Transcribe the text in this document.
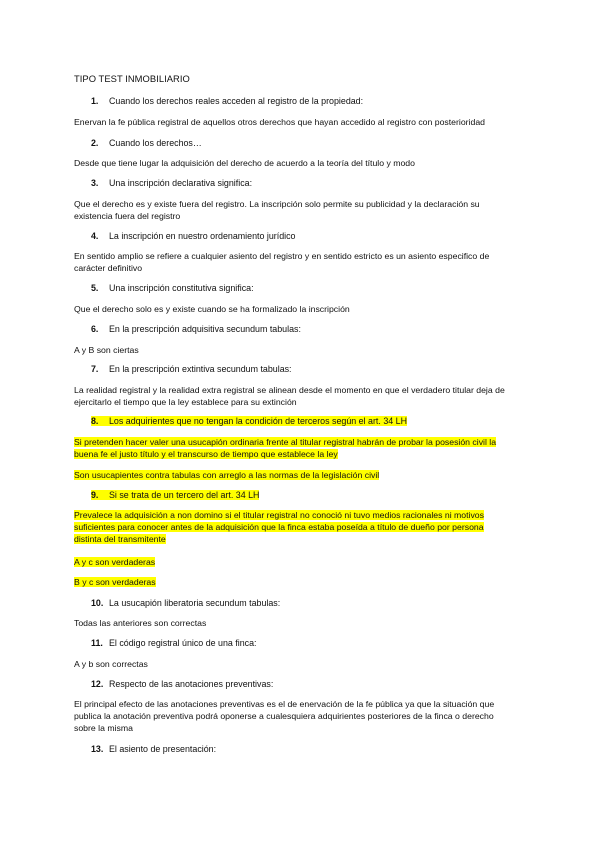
TIPO TEST INMOBILIARIO
1. Cuando los derechos reales acceden al registro de la propiedad:
Enervan la fe pública registral de aquellos otros derechos que hayan accedido al registro con posterioridad
2. Cuando los derechos…
Desde que tiene lugar la adquisición del derecho de acuerdo a la teoría del título y modo
3. Una inscripción declarativa significa:
Que el derecho es y existe fuera del registro. La inscripción solo permite su publicidad y la declaración su existencia fuera del registro
4. La inscripción en nuestro ordenamiento jurídico
En sentido amplio se refiere a cualquier asiento del registro y en sentido estricto es un asiento especifico de carácter definitivo
5. Una inscripción constitutiva significa:
Que el derecho solo es y existe cuando se ha formalizado la inscripción
6. En la prescripción adquisitiva secundum tabulas:
A y B son ciertas
7. En la prescripción extintiva secundum tabulas:
La realidad registral y la realidad extra registral se alinean desde el momento en que el verdadero titular deja de ejercitarlo el tiempo que la ley establece para su extinción
8. Los adquirientes que no tengan la condición de terceros según el art. 34 LH
Si pretenden hacer valer una usucapión ordinaria frente al titular registral habrán de probar la posesión civil la buena fe el justo título y el transcurso de tiempo que establece la ley
Son usucapientes contra tabulas con arreglo a las normas de la legislación civil
9. Si se trata de un tercero del art. 34 LH
Prevalece la adquisición a non domino si el titular registral no conoció ni tuvo medios racionales ni motivos suficientes para conocer antes de la adquisición que la finca estaba poseída a título de dueño por persona distinta del transmitente
A y c son verdaderas
B y c son verdaderas
10. La usucapión liberatoria secundum tabulas:
Todas las anteriores son correctas
11. El código registral único de una finca:
A y b son correctas
12. Respecto de las anotaciones preventivas:
El principal efecto de las anotaciones preventivas es el de enervación de la fe pública ya que la situación que publica la anotación preventiva podrá oponerse a cualesquiera adquirientes posteriores de la finca o derecho sobre la misma
13. El asiento de presentación:
